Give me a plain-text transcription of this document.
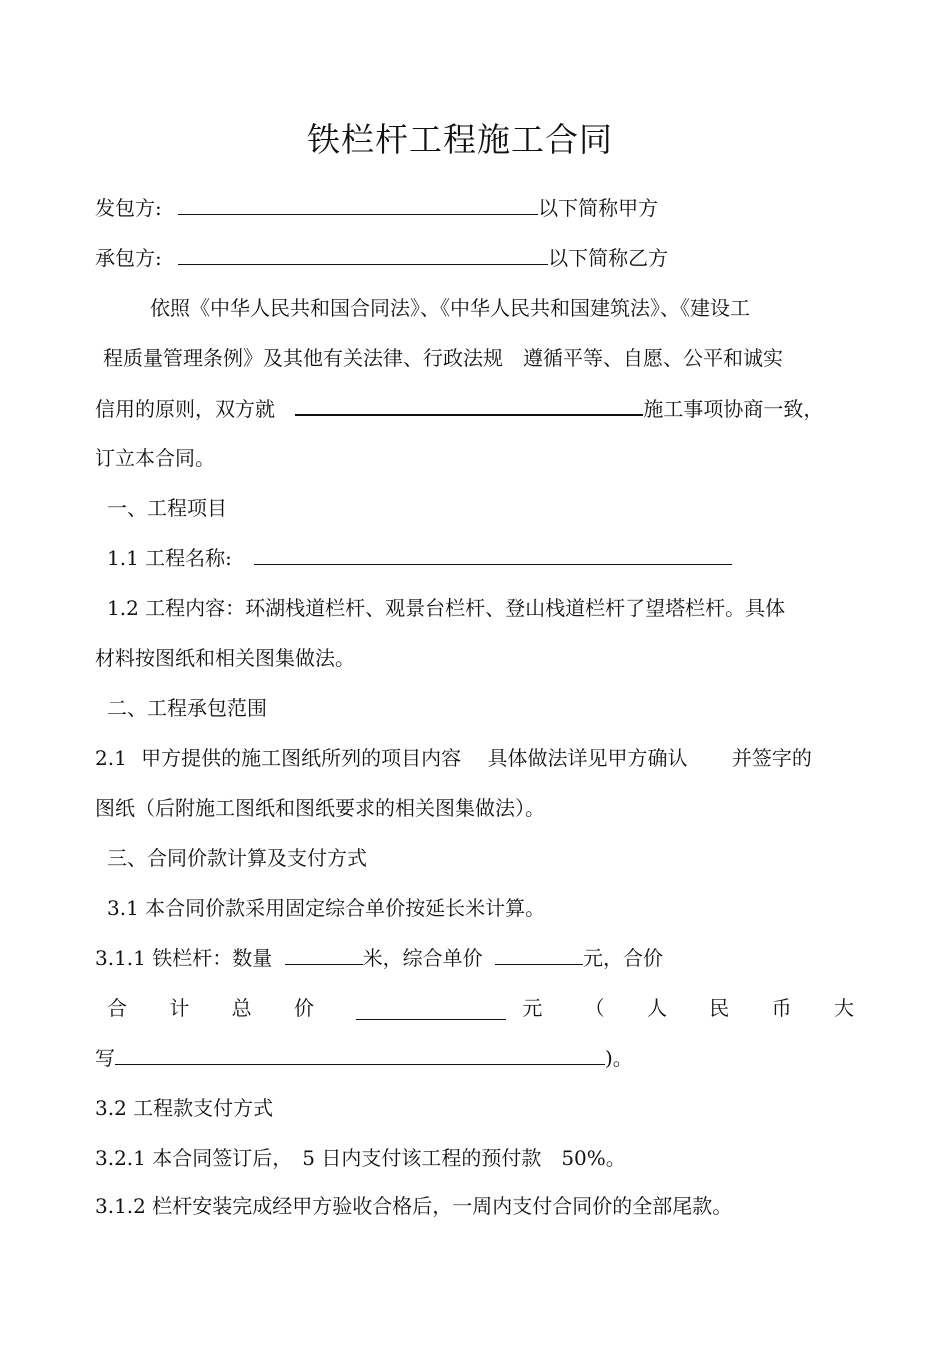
铁栏杆工程施工合同
发包方:	以下简称甲方
承包方:	以下简称乙方
依照《中华人民共和国合同法》、《中华人民共和国建筑法》、《建设工
程质量管理条例》及其他有关法律、行政法规　遵循平等、自愿、公平和诚实
信用的原则，双方就	施工事项协商一致，
订立本合同。
一、工程项目
1.1 工程名称:
1.2 工程内容：环湖栈道栏杆、观景台栏杆、登山栈道栏杆了望塔栏杆。具体
材料按图纸和相关图集做法。
二、工程承包范围
2.1 甲方提供的施工图纸所列的项目内容 具体做法详见甲方确认 并签字的
图纸（后附施工图纸和图纸要求的相关图集做法）。
三、合同价款计算及支付方式
3.1 本合同价款采用固定综合单价按延长米计算。
3.1.1 铁栏杆：数量	米，综合单价	元，合价
合 计 总 价	元 （ 人 民 币 大
写	)。
3.2 工程款支付方式
3.2.1 本合同签订后，　5 日内支付该工程的预付款　50%。
3.1.2 栏杆安装完成经甲方验收合格后，一周内支付合同价的全部尾款。
